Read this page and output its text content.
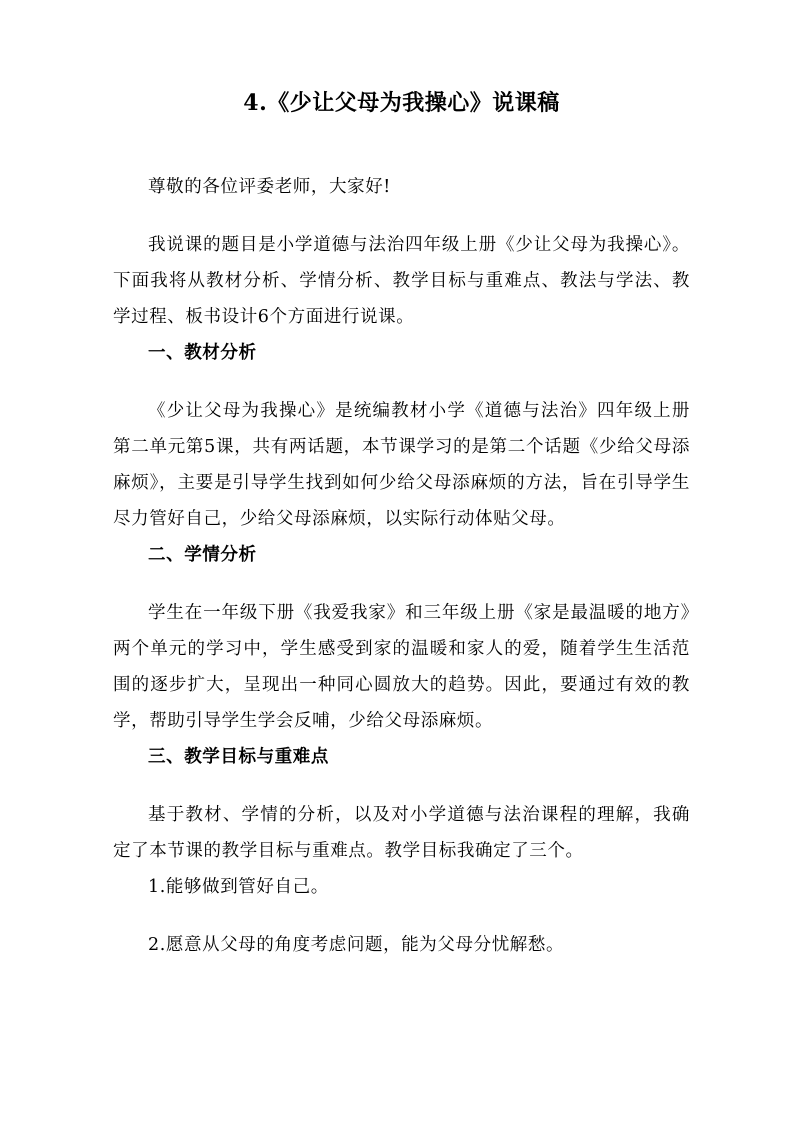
4.《少让父母为我操心》说课稿

尊敬的各位评委老师，大家好!

我说课的题目是小学道德与法治四年级上册《少让父母为我操心》。下面我将从教材分析、学情分析、教学目标与重难点、教法与学法、教学过程、板书设计6个方面进行说课。

一、教材分析

《少让父母为我操心》是统编教材小学《道德与法治》四年级上册第二单元第5课，共有两话题，本节课学习的是第二个话题《少给父母添麻烦》，主要是引导学生找到如何少给父母添麻烦的方法，旨在引导学生尽力管好自己，少给父母添麻烦，以实际行动体贴父母。

二、学情分析

学生在一年级下册《我爱我家》和三年级上册《家是最温暖的地方》两个单元的学习中，学生感受到家的温暖和家人的爱，随着学生生活范围的逐步扩大，呈现出一种同心圆放大的趋势。因此，要通过有效的教学，帮助引导学生学会反哺，少给父母添麻烦。

三、教学目标与重难点

基于教材、学情的分析，以及对小学道德与法治课程的理解，我确定了本节课的教学目标与重难点。教学目标我确定了三个。

1.能够做到管好自己。

2.愿意从父母的角度考虑问题，能为父母分忧解愁。
